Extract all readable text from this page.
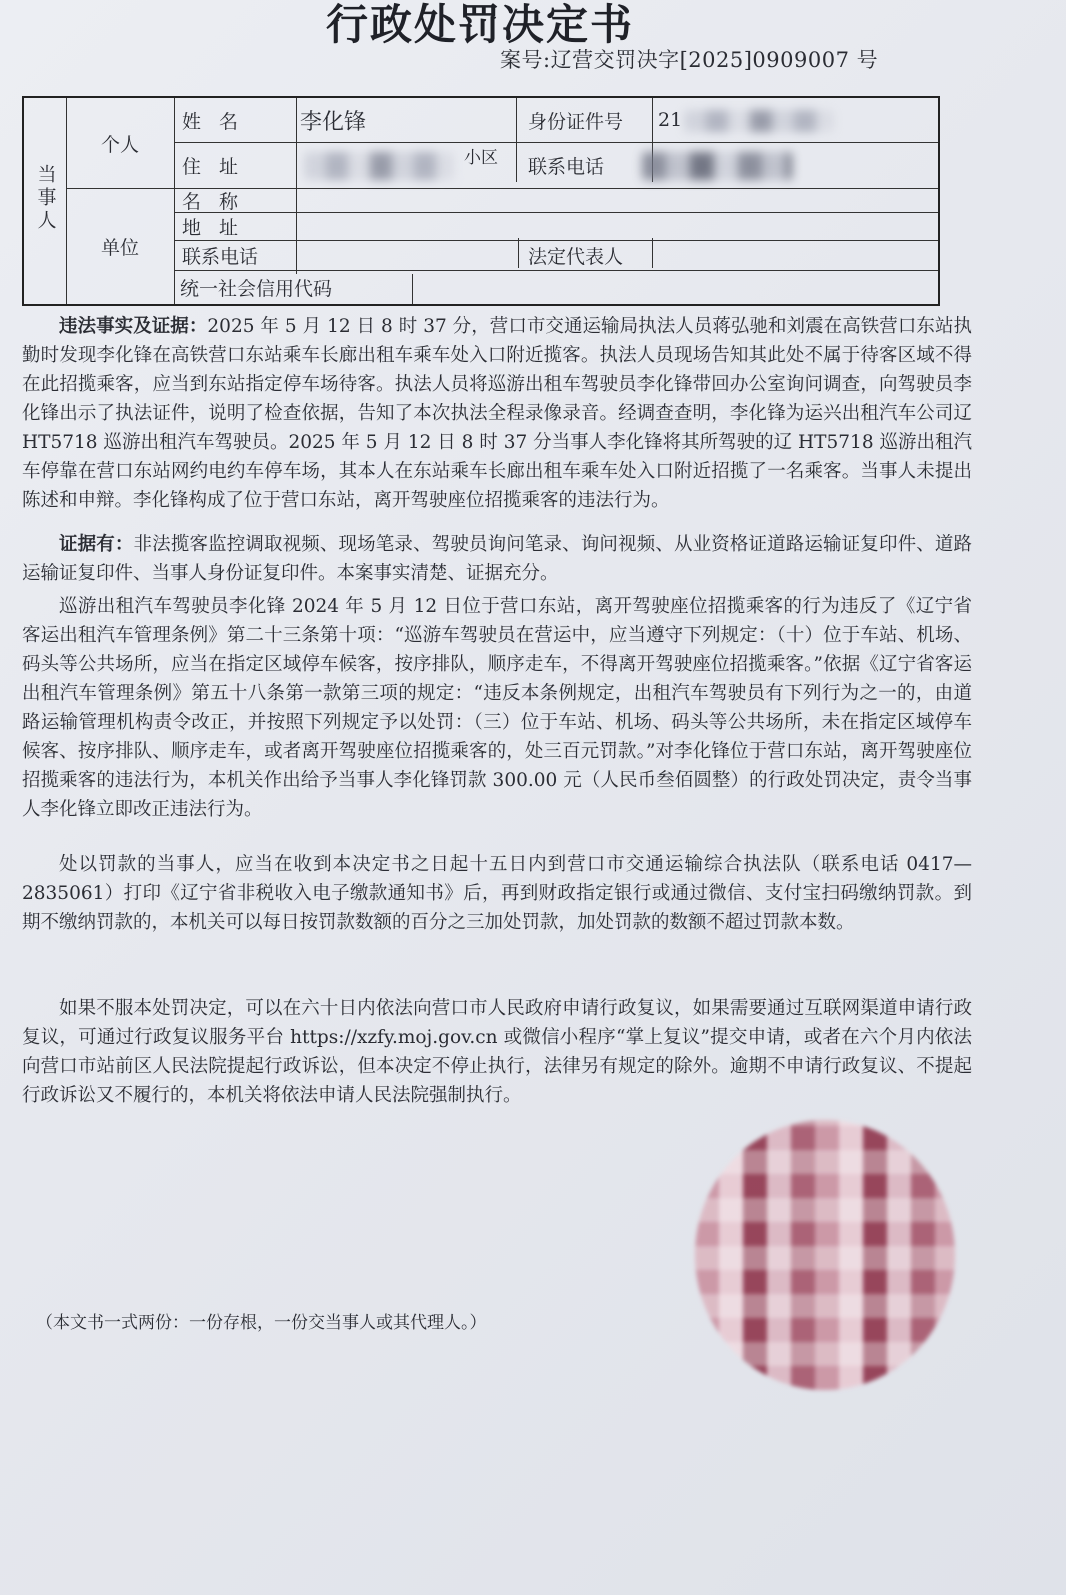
行政处罚决定书
案号:辽营交罚决字[2025]0909007 号
当事人
个人
单位
姓 名	李化锋	身份证件号	21
住 址	小区	联系电话
名 称
地 址
联系电话	法定代表人
统一社会信用代码

违法事实及证据：2025 年 5 月 12 日 8 时 37 分，营口市交通运输局执法人员蒋弘驰和刘震在高铁营口东站执勤时发现李化锋在高铁营口东站乘车长廊出租车乘车处入口附近揽客。执法人员现场告知其此处不属于待客区域不得在此招揽乘客，应当到东站指定停车场待客。执法人员将巡游出租车驾驶员李化锋带回办公室询问调查，向驾驶员李化锋出示了执法证件，说明了检查依据，告知了本次执法全程录像录音。经调查查明，李化锋为运兴出租汽车公司辽 HT5718 巡游出租汽车驾驶员。2025 年 5 月 12 日 8 时 37 分当事人李化锋将其所驾驶的辽 HT5718 巡游出租汽车停靠在营口东站网约电约车停车场，其本人在东站乘车长廊出租车乘车处入口附近招揽了一名乘客。当事人未提出陈述和申辩。李化锋构成了位于营口东站，离开驾驶座位招揽乘客的违法行为。

证据有：非法揽客监控调取视频、现场笔录、驾驶员询问笔录、询问视频、从业资格证道路运输证复印件、道路运输证复印件、当事人身份证复印件。本案事实清楚、证据充分。

巡游出租汽车驾驶员李化锋 2024 年 5 月 12 日位于营口东站，离开驾驶座位招揽乘客的行为违反了《辽宁省客运出租汽车管理条例》第二十三条第十项：“巡游车驾驶员在营运中，应当遵守下列规定：（十）位于车站、机场、码头等公共场所，应当在指定区域停车候客，按序排队，顺序走车，不得离开驾驶座位招揽乘客。”依据《辽宁省客运出租汽车管理条例》第五十八条第一款第三项的规定：“违反本条例规定，出租汽车驾驶员有下列行为之一的，由道路运输管理机构责令改正，并按照下列规定予以处罚：（三）位于车站、机场、码头等公共场所，未在指定区域停车候客、按序排队、顺序走车，或者离开驾驶座位招揽乘客的，处三百元罚款。”对李化锋位于营口东站，离开驾驶座位招揽乘客的违法行为，本机关作出给予当事人李化锋罚款 300.00 元（人民币叁佰圆整）的行政处罚决定，责令当事人李化锋立即改正违法行为。

处以罚款的当事人，应当在收到本决定书之日起十五日内到营口市交通运输综合执法队（联系电话 0417—2835061）打印《辽宁省非税收入电子缴款通知书》后，再到财政指定银行或通过微信、支付宝扫码缴纳罚款。到期不缴纳罚款的，本机关可以每日按罚款数额的百分之三加处罚款，加处罚款的数额不超过罚款本数。

如果不服本处罚决定，可以在六十日内依法向营口市人民政府申请行政复议，如果需要通过互联网渠道申请行政复议，可通过行政复议服务平台 https://xzfy.moj.gov.cn 或微信小程序“掌上复议”提交申请，或者在六个月内依法向营口市站前区人民法院提起行政诉讼，但本决定不停止执行，法律另有规定的除外。逾期不申请行政复议、不提起行政诉讼又不履行的，本机关将依法申请人民法院强制执行。

（本文书一式两份：一份存根，一份交当事人或其代理人。）
